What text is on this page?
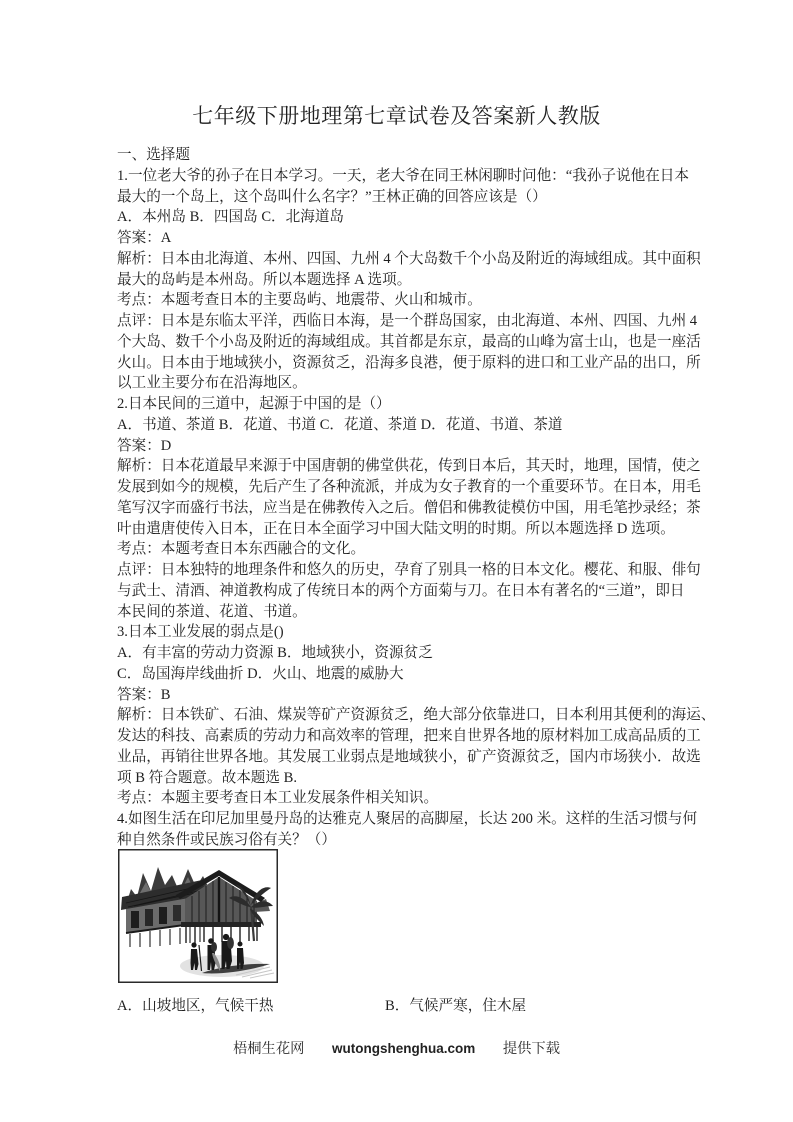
七年级下册地理第七章试卷及答案新人教版
一、选择题
1.一位老大爷的孙子在日本学习。一天，老大爷在同王林闲聊时问他：“我孙子说他在日本
最大的一个岛上，这个岛叫什么名字？”王林正确的回答应该是（）
A．本州岛 B．四国岛 C．北海道岛
答案：A
解析：日本由北海道、本州、四国、九州 4 个大岛数千个小岛及附近的海域组成。其中面积
最大的岛屿是本州岛。所以本题选择 A 选项。
考点：本题考查日本的主要岛屿、地震带、火山和城市。
点评：日本是东临太平洋，西临日本海，是一个群岛国家，由北海道、本州、四国、九州 4
个大岛、数千个小岛及附近的海域组成。其首都是东京，最高的山峰为富士山，也是一座活
火山。日本由于地域狭小，资源贫乏，沿海多良港，便于原料的进口和工业产品的出口，所
以工业主要分布在沿海地区。
2.日本民间的三道中，起源于中国的是（）
A．书道、茶道 B．花道、书道 C．花道、茶道 D．花道、书道、茶道
答案：D
解析：日本花道最早来源于中国唐朝的佛堂供花，传到日本后，其天时，地理，国情，使之
发展到如今的规模，先后产生了各种流派，并成为女子教育的一个重要环节。在日本，用毛
笔写汉字而盛行书法，应当是在佛教传入之后。僧侣和佛教徒模仿中国，用毛笔抄录经；茶
叶由遣唐使传入日本，正在日本全面学习中国大陆文明的时期。所以本题选择 D 选项。
考点：本题考查日本东西融合的文化。
点评：日本独特的地理条件和悠久的历史，孕育了别具一格的日本文化。樱花、和服、俳句
与武士、清酒、神道教构成了传统日本的两个方面菊与刀。在日本有著名的“三道”，即日
本民间的茶道、花道、书道。
3.日本工业发展的弱点是()
A．有丰富的劳动力资源 B．地域狭小，资源贫乏
C．岛国海岸线曲折 D．火山、地震的威胁大
答案：B
解析：日本铁矿、石油、煤炭等矿产资源贫乏，绝大部分依靠进口，日本利用其便利的海运、
发达的科技、高素质的劳动力和高效率的管理，把来自世界各地的原材料加工成高品质的工
业品，再销往世界各地。其发展工业弱点是地域狭小，矿产资源贫乏，国内市场狭小．故选
项 B 符合题意。故本题选 B.
考点：本题主要考查日本工业发展条件相关知识。
4.如图生活在印尼加里曼丹岛的达雅克人聚居的高脚屋，长达 200 米。这样的生活习惯与何
种自然条件或民族习俗有关？（）
A．山坡地区，气候干热	B．气候严寒，住木屋
梧桐生花网 wutongshenghua.com 提供下载
